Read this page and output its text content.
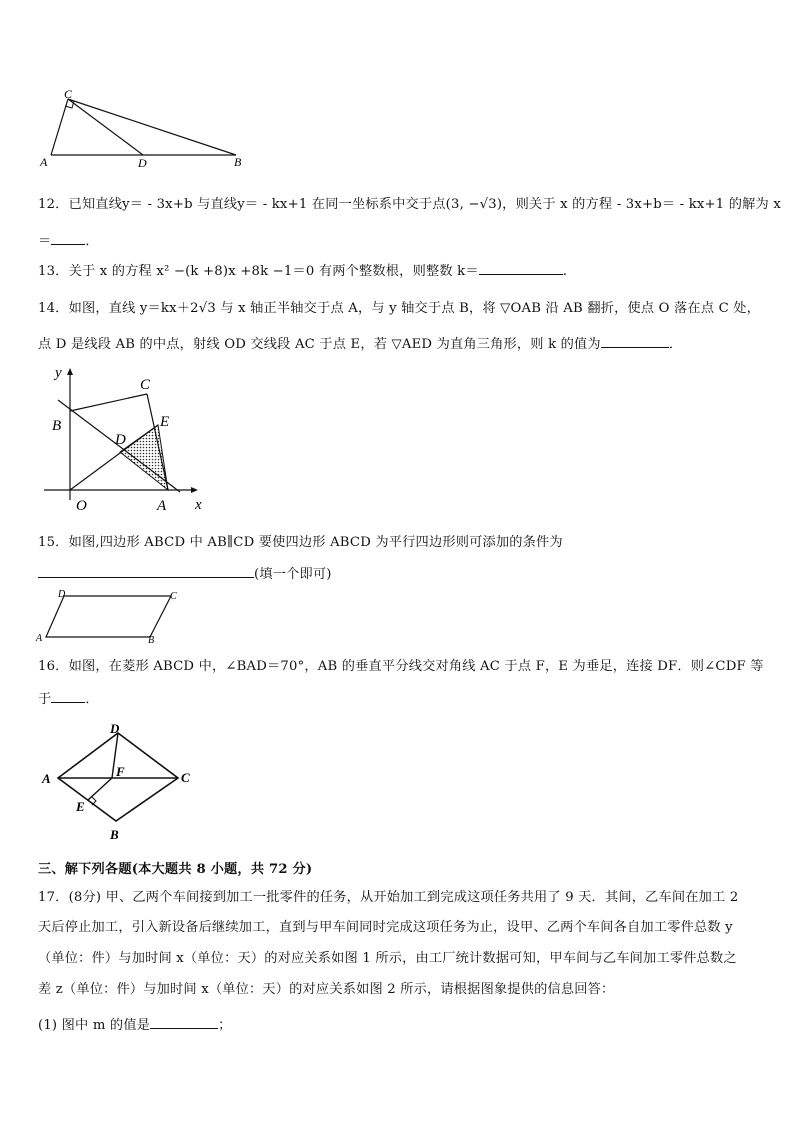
C
A	D	B
12．已知直线y＝ - 3x+b 与直线y＝ - kx+1 在同一坐标系中交于点(3, −√3)，则关于 x 的方程 - 3x+b＝ - kx+1 的解为 x
＝	．
13．关于 x 的方程 x² −(k +8)x +8k −1＝0 有两个整数根，则整数 k＝	.
14．如图，直线 y＝kx＋2√3 与 x 轴正半轴交于点 A，与 y 轴交于点 B，将 ▽OAB 沿 AB 翻折，使点 O 落在点 C 处，
点 D 是线段 AB 的中点，射线 OD 交线段 AC 于点 E，若 ▽AED 为直角三角形，则 k 的值为	．
y
x
B
C
D
E
O	A
15．如图,四边形 ABCD 中 AB∥CD 要使四边形 ABCD 为平行四边形则可添加的条件为
(填一个即可)
A	B
C
D
16．如图，在菱形 ABCD 中，∠BAD＝70°，AB 的垂直平分线交对角线 AC 于点 F，E 为垂足，连接 DF．则∠CDF 等
于	．
D
A	C
F
E
B
三、解下列各题(本大题共 8 小题，共 72 分)
17．(8分) 甲、乙两个车间接到加工一批零件的任务，从开始加工到完成这项任务共用了 9 天．其间，乙车间在加工 2
天后停止加工，引入新设备后继续加工，直到与甲车间同时完成这项任务为止，设甲、乙两个车间各自加工零件总数 y
（单位：件）与加时间 x（单位：天）的对应关系如图 1 所示，由工厂统计数据可知，甲车间与乙车间加工零件总数之
差 z（单位：件）与加时间 x（单位：天）的对应关系如图 2 所示，请根据图象提供的信息回答：
(1) 图中 m 的值是	；
